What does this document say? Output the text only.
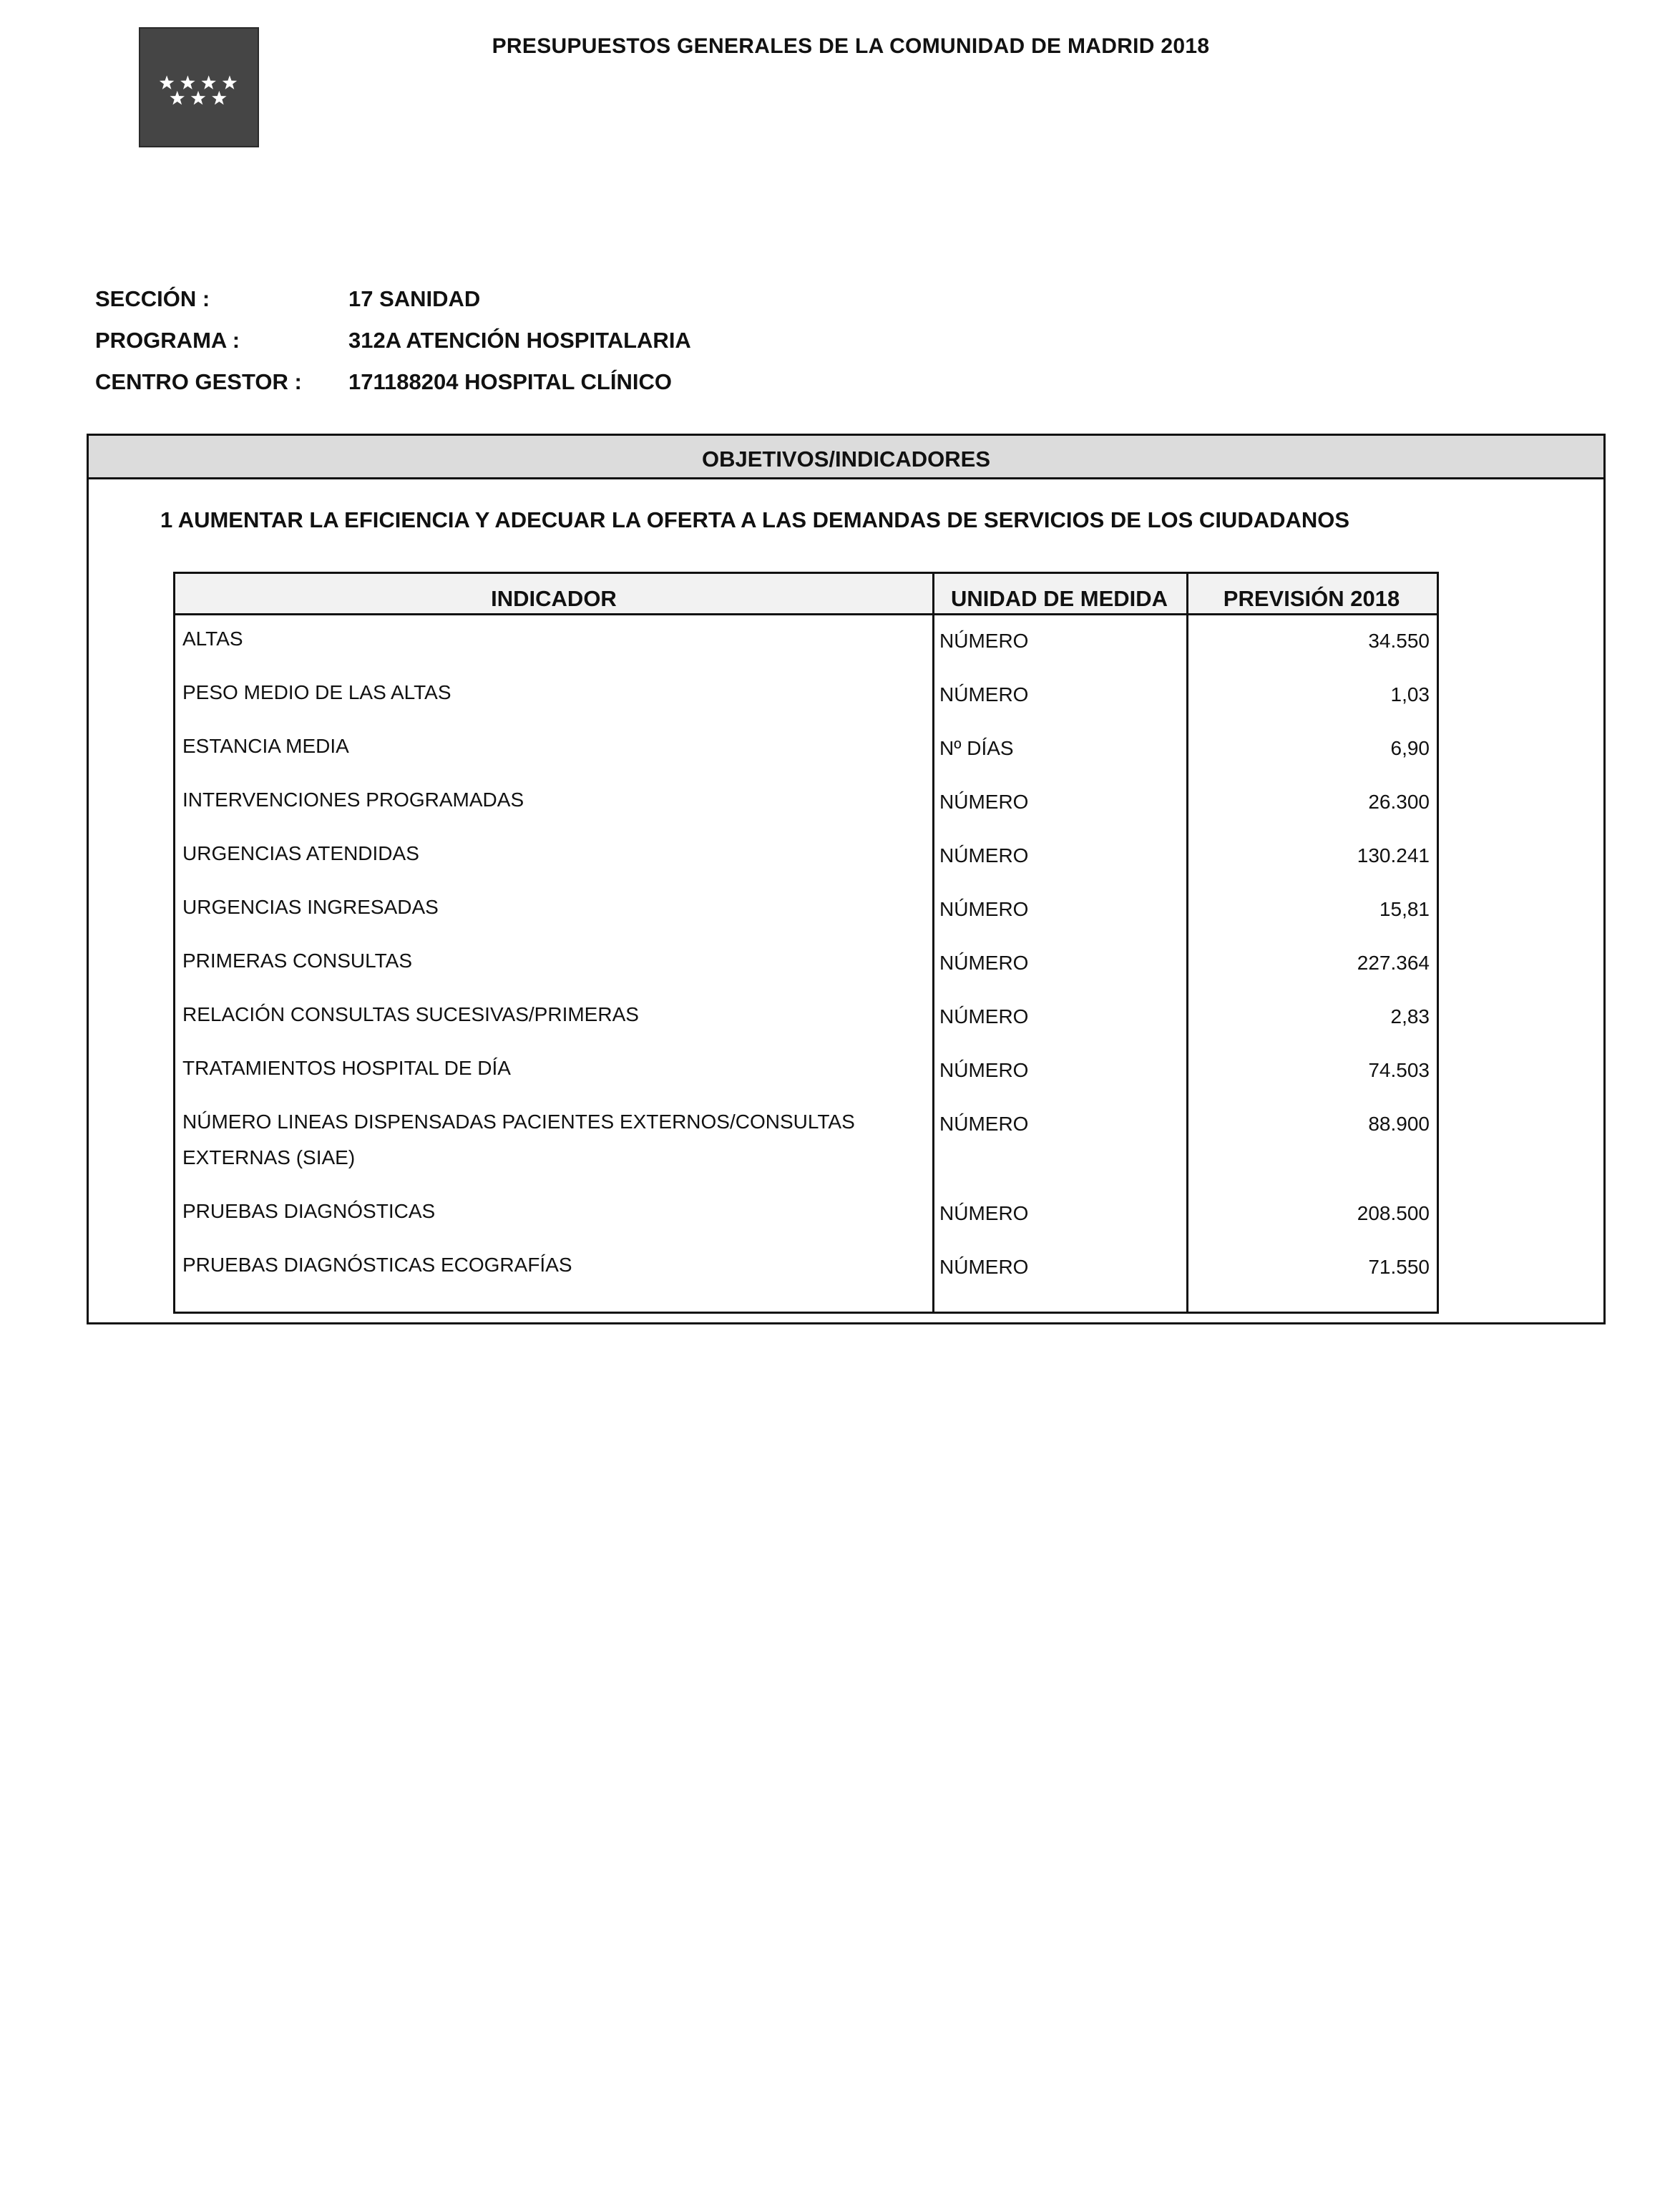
PRESUPUESTOS GENERALES DE LA COMUNIDAD DE MADRID 2018
SECCIÓN :	17 SANIDAD
PROGRAMA :	312A ATENCIÓN HOSPITALARIA
CENTRO GESTOR : 171188204 HOSPITAL CLÍNICO
OBJETIVOS/INDICADORES
1 AUMENTAR LA EFICIENCIA Y ADECUAR LA OFERTA A LAS DEMANDAS DE SERVICIOS DE LOS CIUDADANOS
INDICADOR	UNIDAD DE MEDIDA	PREVISIÓN 2018
ALTAS	NÚMERO	34.550
PESO MEDIO DE LAS ALTAS	NÚMERO	1,03
ESTANCIA MEDIA	Nº DÍAS	6,90
INTERVENCIONES PROGRAMADAS	NÚMERO	26.300
URGENCIAS ATENDIDAS	NÚMERO	130.241
URGENCIAS INGRESADAS	NÚMERO	15,81
PRIMERAS CONSULTAS	NÚMERO	227.364
RELACIÓN CONSULTAS SUCESIVAS/PRIMERAS	NÚMERO	2,83
TRATAMIENTOS HOSPITAL DE DÍA	NÚMERO	74.503
NÚMERO LINEAS DISPENSADAS PACIENTES EXTERNOS/CONSULTAS
EXTERNAS (SIAE)
NÚMERO	88.900
PRUEBAS DIAGNÓSTICAS	NÚMERO	208.500
PRUEBAS DIAGNÓSTICAS ECOGRAFÍAS	NÚMERO	71.550
